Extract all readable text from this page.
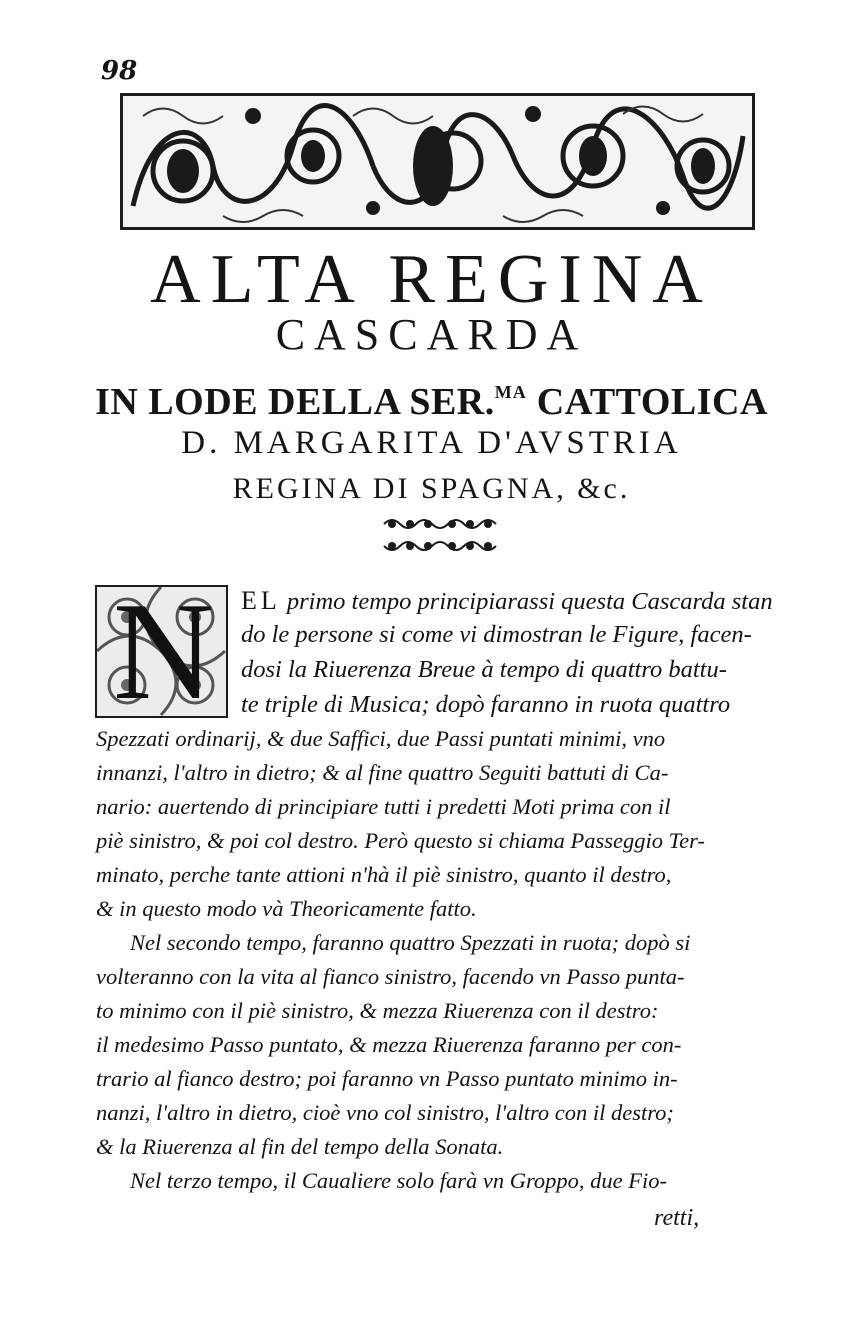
98
ALTA REGINA
CASCARDA
IN LODE DELLA SER.$^{MA}$ CATTOLICA
D. MARGARITA D'AVSTRIA
REGINA DI SPAGNA, &c.
N	EL primo tempo principiarassi questa Cascarda stan
do le persone si come vi dimostran le Figure, facen-
dosi la Riuerenza Breue à tempo di quattro battu-
te triple di Musica; dopò faranno in ruota quattro
Spezzati ordinarij, & due Saffici, due Passi puntati minimi, vno
innanzi, l'altro in dietro; & al fine quattro Seguiti battuti di Ca-
nario: auertendo di principiare tutti i predetti Moti prima con il
piè sinistro, & poi col destro. Però questo si chiama Passeggio Ter-
minato, perche tante attioni n'hà il piè sinistro, quanto il destro,
& in questo modo và Theoricamente fatto.
Nel secondo tempo, faranno quattro Spezzati in ruota; dopò si
volteranno con la vita al fianco sinistro, facendo vn Passo punta-
to minimo con il piè sinistro, & mezza Riuerenza con il destro:
il medesimo Passo puntato, & mezza Riuerenza faranno per con-
trario al fianco destro; poi faranno vn Passo puntato minimo in-
nanzi, l'altro in dietro, cioè vno col sinistro, l'altro con il destro;
& la Riuerenza al fin del tempo della Sonata.
Nel terzo tempo, il Caualiere solo farà vn Groppo, due Fio-
retti,
